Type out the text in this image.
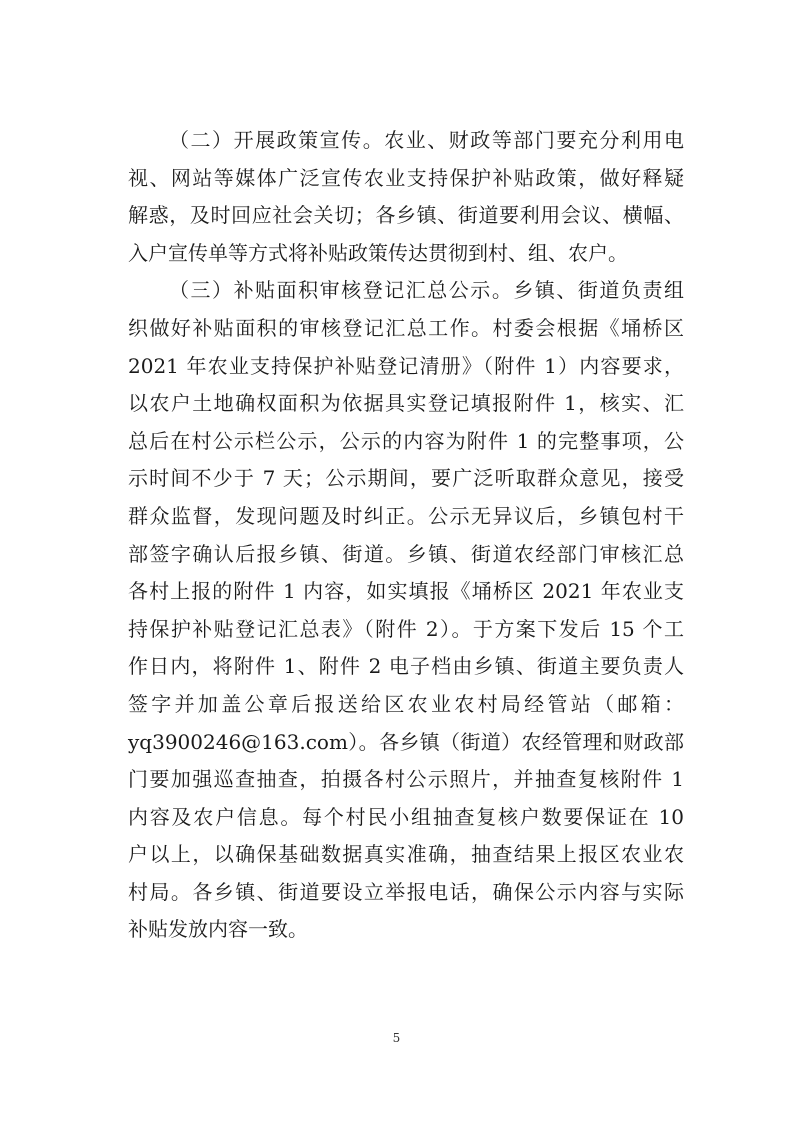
（二）开展政策宣传。农业、财政等部门要充分利用电
视、网站等媒体广泛宣传农业支持保护补贴政策，做好释疑
解惑，及时回应社会关切；各乡镇、街道要利用会议、横幅、
入户宣传单等方式将补贴政策传达贯彻到村、组、农户。
（三）补贴面积审核登记汇总公示。乡镇、街道负责组
织做好补贴面积的审核登记汇总工作。村委会根据《埇桥区
2021 年农业支持保护补贴登记清册》（附件 1）内容要求，
以农户土地确权面积为依据具实登记填报附件 1，核实、汇
总后在村公示栏公示，公示的内容为附件 1 的完整事项，公
示时间不少于 7 天；公示期间，要广泛听取群众意见，接受
群众监督，发现问题及时纠正。公示无异议后，乡镇包村干
部签字确认后报乡镇、街道。乡镇、街道农经部门审核汇总
各村上报的附件 1 内容，如实填报《埇桥区 2021 年农业支
持保护补贴登记汇总表》（附件 2）。于方案下发后 15 个工
作日内，将附件 1、附件 2 电子档由乡镇、街道主要负责人
签字并加盖公章后报送给区农业农村局经管站（邮箱：
yq3900246@163.com）。各乡镇（街道）农经管理和财政部
门要加强巡查抽查，拍摄各村公示照片，并抽查复核附件 1
内容及农户信息。每个村民小组抽查复核户数要保证在 10
户以上，以确保基础数据真实准确，抽查结果上报区农业农
村局。各乡镇、街道要设立举报电话，确保公示内容与实际
补贴发放内容一致。
5
